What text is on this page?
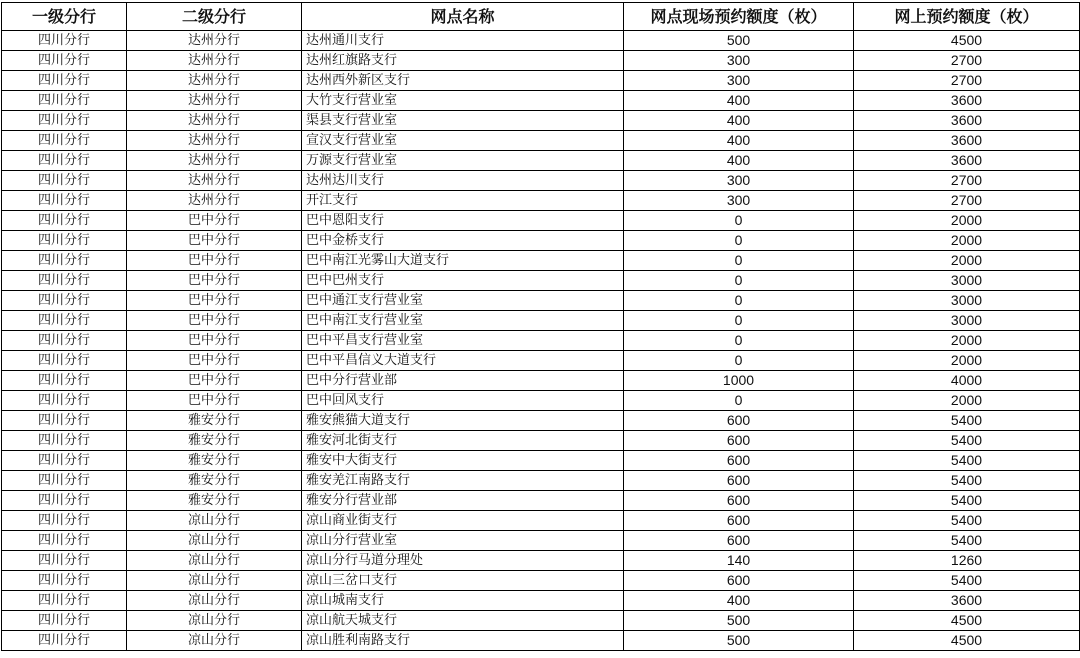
一级分行	二级分行	网点名称	网点现场预约额度（枚）	网上预约额度（枚）
四川分行	达州分行	达州通川支行	500	4500
四川分行	达州分行	达州红旗路支行	300	2700
四川分行	达州分行	达州西外新区支行	300	2700
四川分行	达州分行	大竹支行营业室	400	3600
四川分行	达州分行	渠县支行营业室	400	3600
四川分行	达州分行	宣汉支行营业室	400	3600
四川分行	达州分行	万源支行营业室	400	3600
四川分行	达州分行	达州达川支行	300	2700
四川分行	达州分行	开江支行	300	2700
四川分行	巴中分行	巴中恩阳支行	0	2000
四川分行	巴中分行	巴中金桥支行	0	2000
四川分行	巴中分行	巴中南江光雾山大道支行	0	2000
四川分行	巴中分行	巴中巴州支行	0	3000
四川分行	巴中分行	巴中通江支行营业室	0	3000
四川分行	巴中分行	巴中南江支行营业室	0	3000
四川分行	巴中分行	巴中平昌支行营业室	0	2000
四川分行	巴中分行	巴中平昌信义大道支行	0	2000
四川分行	巴中分行	巴中分行营业部	1000	4000
四川分行	巴中分行	巴中回风支行	0	2000
四川分行	雅安分行	雅安熊猫大道支行	600	5400
四川分行	雅安分行	雅安河北街支行	600	5400
四川分行	雅安分行	雅安中大街支行	600	5400
四川分行	雅安分行	雅安羌江南路支行	600	5400
四川分行	雅安分行	雅安分行营业部	600	5400
四川分行	凉山分行	凉山商业街支行	600	5400
四川分行	凉山分行	凉山分行营业室	600	5400
四川分行	凉山分行	凉山分行马道分理处	140	1260
四川分行	凉山分行	凉山三岔口支行	600	5400
四川分行	凉山分行	凉山城南支行	400	3600
四川分行	凉山分行	凉山航天城支行	500	4500
四川分行	凉山分行	凉山胜利南路支行	500	4500
